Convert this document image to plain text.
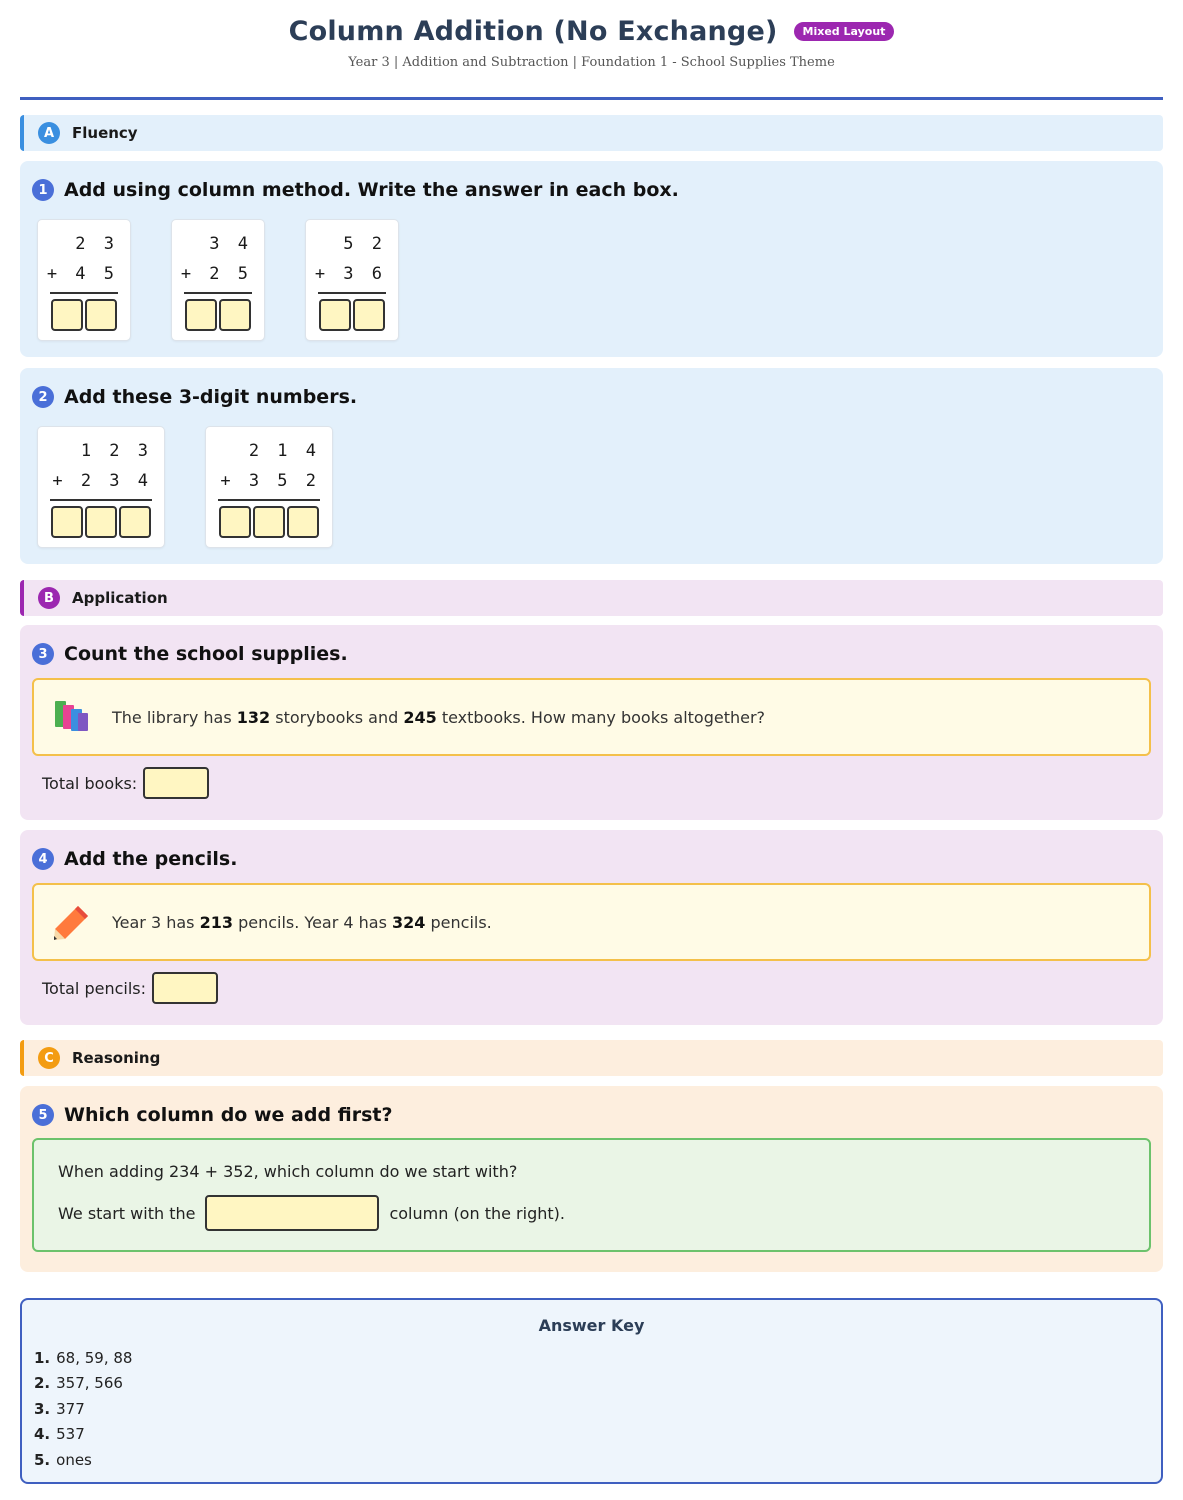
Column Addition (No Exchange)	Mixed Layout
Year 3 | Addition and Subtraction | Foundation 1 - School Supplies Theme
A	Fluency
1 Add using column method. Write the answer in each box.
2 3
+ 4 5
3 4
+ 2 5
5 2
+ 3 6
2 Add these 3-digit numbers.
1 2 3
+ 2 3 4
2 1 4
+ 3 5 2
B	Application
3 Count the school supplies.
The library has 132 storybooks and 245 textbooks. How many books altogether?
Total books:
4 Add the pencils.
Year 3 has 213 pencils. Year 4 has 324 pencils.
Total pencils:
C	Reasoning
5 Which column do we add first?
When adding 234 + 352, which column do we start with?
We start with the	column (on the right).
Answer Key
1. 68, 59, 88
2. 357, 566
3. 377
4. 537
5. ones
